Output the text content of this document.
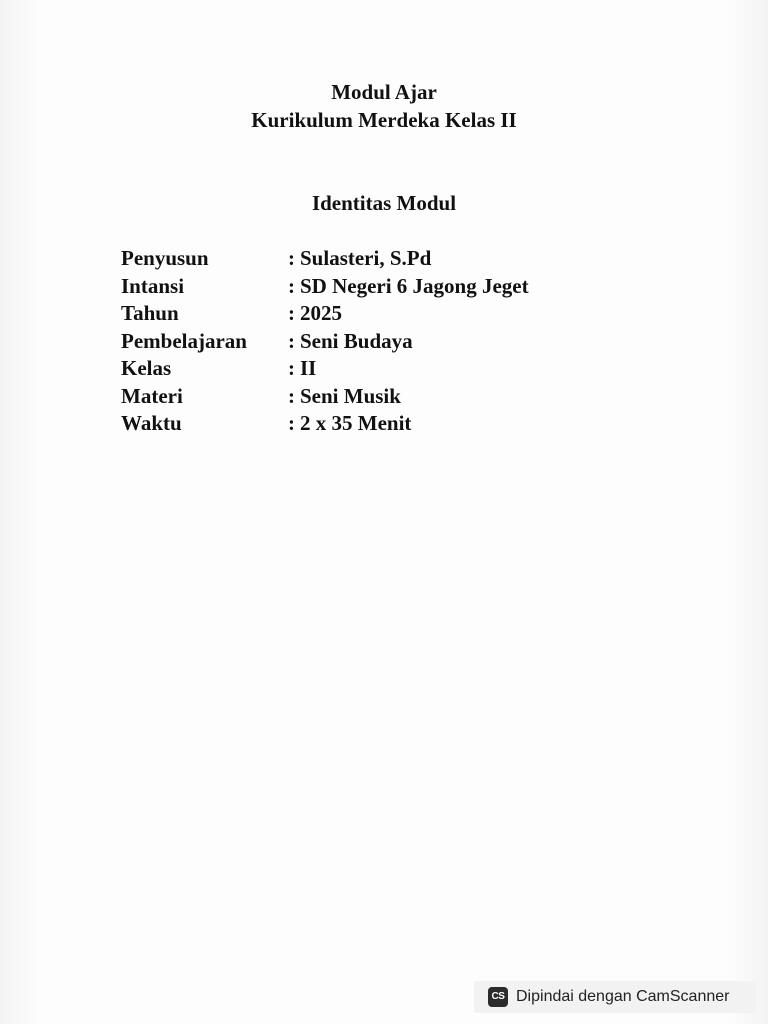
Modul Ajar
Kurikulum Merdeka Kelas II
Identitas Modul
Penyusun	: Sulasteri, S.Pd
Intansi	: SD Negeri 6 Jagong Jeget
Tahun	: 2025
Pembelajaran	: Seni Budaya
Kelas	: II
Materi	: Seni Musik
Waktu	: 2 x 35 Menit
CS Dipindai dengan CamScanner
